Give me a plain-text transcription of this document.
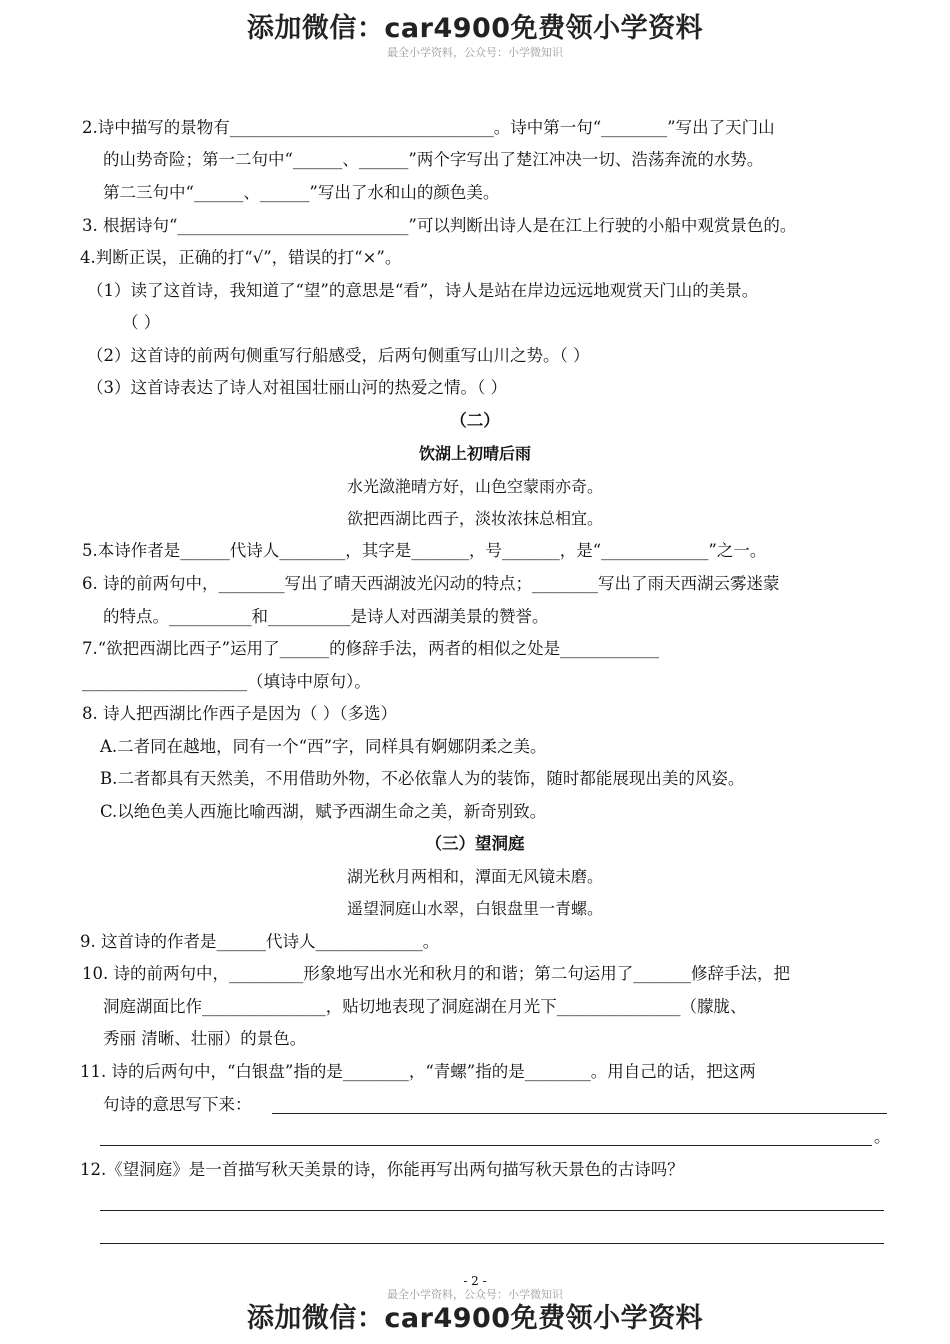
添加微信：car4900免费领小学资料
最全小学资料，公众号：小学微知识
2.诗中描写的景物有________________________________。诗中第一句“________”写出了天门山
的山势奇险；第一二句中“______、______”两个字写出了楚江冲决一切、浩荡奔流的水势。
第二三句中“______、______”写出了水和山的颜色美。
3. 根据诗句“____________________________”可以判断出诗人是在江上行驶的小船中观赏景色的。
4.判断正误，正确的打“√”，错误的打“×”。
（1）读了这首诗，我知道了“望”的意思是“看”，诗人是站在岸边远远地观赏天门山的美景。
（ ）
（2）这首诗的前两句侧重写行船感受，后两句侧重写山川之势。（ ）
（3）这首诗表达了诗人对祖国壮丽山河的热爱之情。（ ）
（二）
饮湖上初晴后雨
水光潋滟晴方好，山色空蒙雨亦奇。
欲把西湖比西子，淡妆浓抹总相宜。
5.本诗作者是______代诗人________，其字是_______，号_______，是“_____________”之一。
6. 诗的前两句中，________写出了晴天西湖波光闪动的特点；________写出了雨天西湖云雾迷蒙
的特点。__________和__________是诗人对西湖美景的赞誉。
7.“欲把西湖比西子”运用了______的修辞手法，两者的相似之处是____________
____________________（填诗中原句）。
8. 诗人把西湖比作西子是因为（ ）（多选）
A.二者同在越地，同有一个“西”字，同样具有婀娜阴柔之美。
B.二者都具有天然美，不用借助外物，不必依靠人为的装饰，随时都能展现出美的风姿。
C.以绝色美人西施比喻西湖，赋予西湖生命之美，新奇别致。
（三）望洞庭
湖光秋月两相和，潭面无风镜未磨。
遥望洞庭山水翠，白银盘里一青螺。
9. 这首诗的作者是______代诗人_____________。
10. 诗的前两句中，_________形象地写出水光和秋月的和谐；第二句运用了_______修辞手法，把
洞庭湖面比作_______________，贴切地表现了洞庭湖在月光下_______________（朦胧、
秀丽 清晰、壮丽）的景色。
11. 诗的后两句中，“白银盘”指的是________，“青螺”指的是________。用自己的话，把这两
句诗的意思写下来：
。
12.《望洞庭》是一首描写秋天美景的诗，你能再写出两句描写秋天景色的古诗吗？
- 2 -
最全小学资料，公众号：小学微知识
添加微信：car4900免费领小学资料
